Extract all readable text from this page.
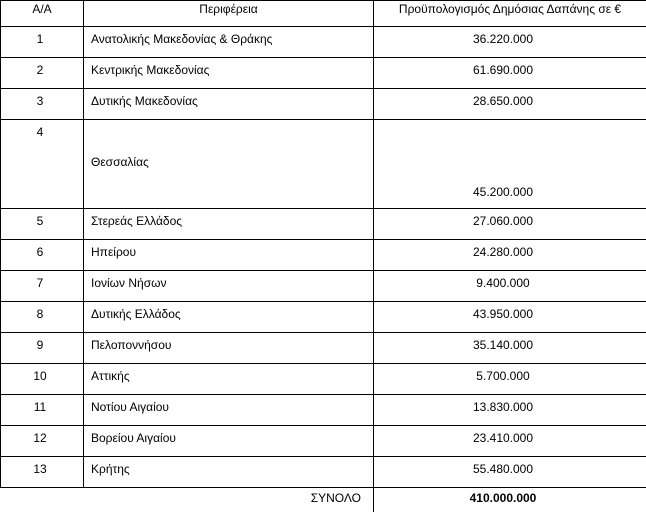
Α/Α	Περιφέρεια	Προϋπολογισμός Δημόσιας Δαπάνης σε €
1	Ανατολικής Μακεδονίας & Θράκης	36.220.000
2	Κεντρικής Μακεδονίας	61.690.000
3	Δυτικής Μακεδονίας	28.650.000
4	Θεσσαλίας	45.200.000
5	Στερεάς Ελλάδος	27.060.000
6	Ηπείρου	24.280.000
7	Ιονίων Νήσων	9.400.000
8	Δυτικής Ελλάδος	43.950.000
9	Πελοποννήσου	35.140.000
10	Αττικής	5.700.000
11	Νοτίου Αιγαίου	13.830.000
12	Βορείου Αιγαίου	23.410.000
13	Κρήτης	55.480.000
	ΣΥΝΟΛΟ	410.000.000
